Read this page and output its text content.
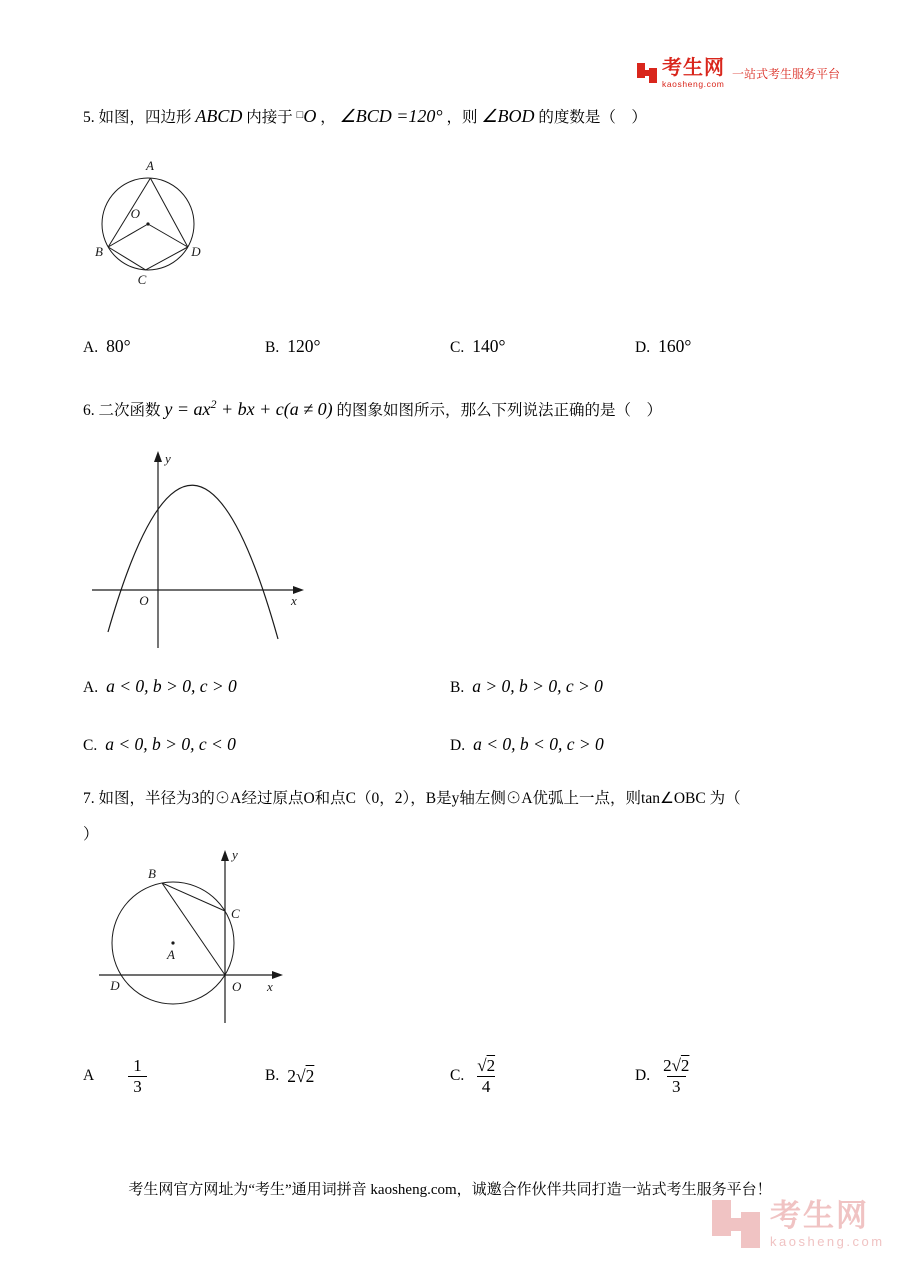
考生网
kaosheng.com
一站式考生服务平台
5. 如图，四边形 ABCD 内接于 □O ， ∠BCD =120° ，则 ∠BOD 的度数是（　）
A
O
B	D
C
A. 80°	B. 120°	C. 140°	D. 160°
6. 二次函数 $y = ax^2$ + bx + c(a ≠ 0) 的图象如图所示，那么下列说法正确的是（　）
y
x
O
A. a < 0, b > 0, c > 0	B. a > 0, b > 0, c > 0
C. a < 0, b > 0, c < 0	D. a < 0, b < 0, c > 0
7. 如图，半径为3的⊙A经过原点O和点C（0，2），B是y轴左侧⊙A优弧上一点，则tan∠OBC 为（
）
y
x
O
A
B
C
D
A $\frac{1}{3}$	B. 2√2	C. $\frac{√2}{4}$	D. $\frac{2√2}{3}$
考生网官方网址为“考生”通用词拼音 kaosheng.com，诚邀合作伙伴共同打造一站式考生服务平台！
考生网
kaosheng.com
